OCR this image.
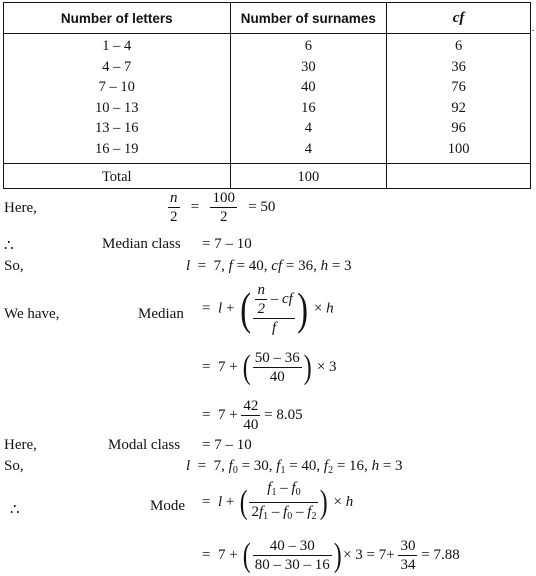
Number of letters	Number of surnames	cf
1 – 4	6	6
4 – 7	30	36
7 – 10	40	76
10 – 13	16	92
13 – 16	4	96
16 – 19	4	100

Total	100	
Here,	$\frac{n}{2} = \frac{100}{2} = 50$
∴	Median class = 7 – 10
So,	l  =  7, f = 40, cf = 36, h = 3
We have,	Median =  l + ( $\frac{\frac{n}{2} - cf}{f}$ ) × h
=  7 + ( $\frac{50 - 36}{40}$ ) × 3
=  $7 + \frac{42}{40} = 8.05$
Here,	Modal class = 7 – 10
So,	l  =  7, $f_0 = 30$, $f_1 = 40$, $f_2 = 16$, h = 3
∴	Mode =  l + ( $\frac{f_1 - f_0}{2f_1 - f_0 - f_2}$ ) × h
=  7 + ( $\frac{40 - 30}{80 - 30 - 16}$ ) × $3 = 7+ \frac{30}{34} = 7.88$
